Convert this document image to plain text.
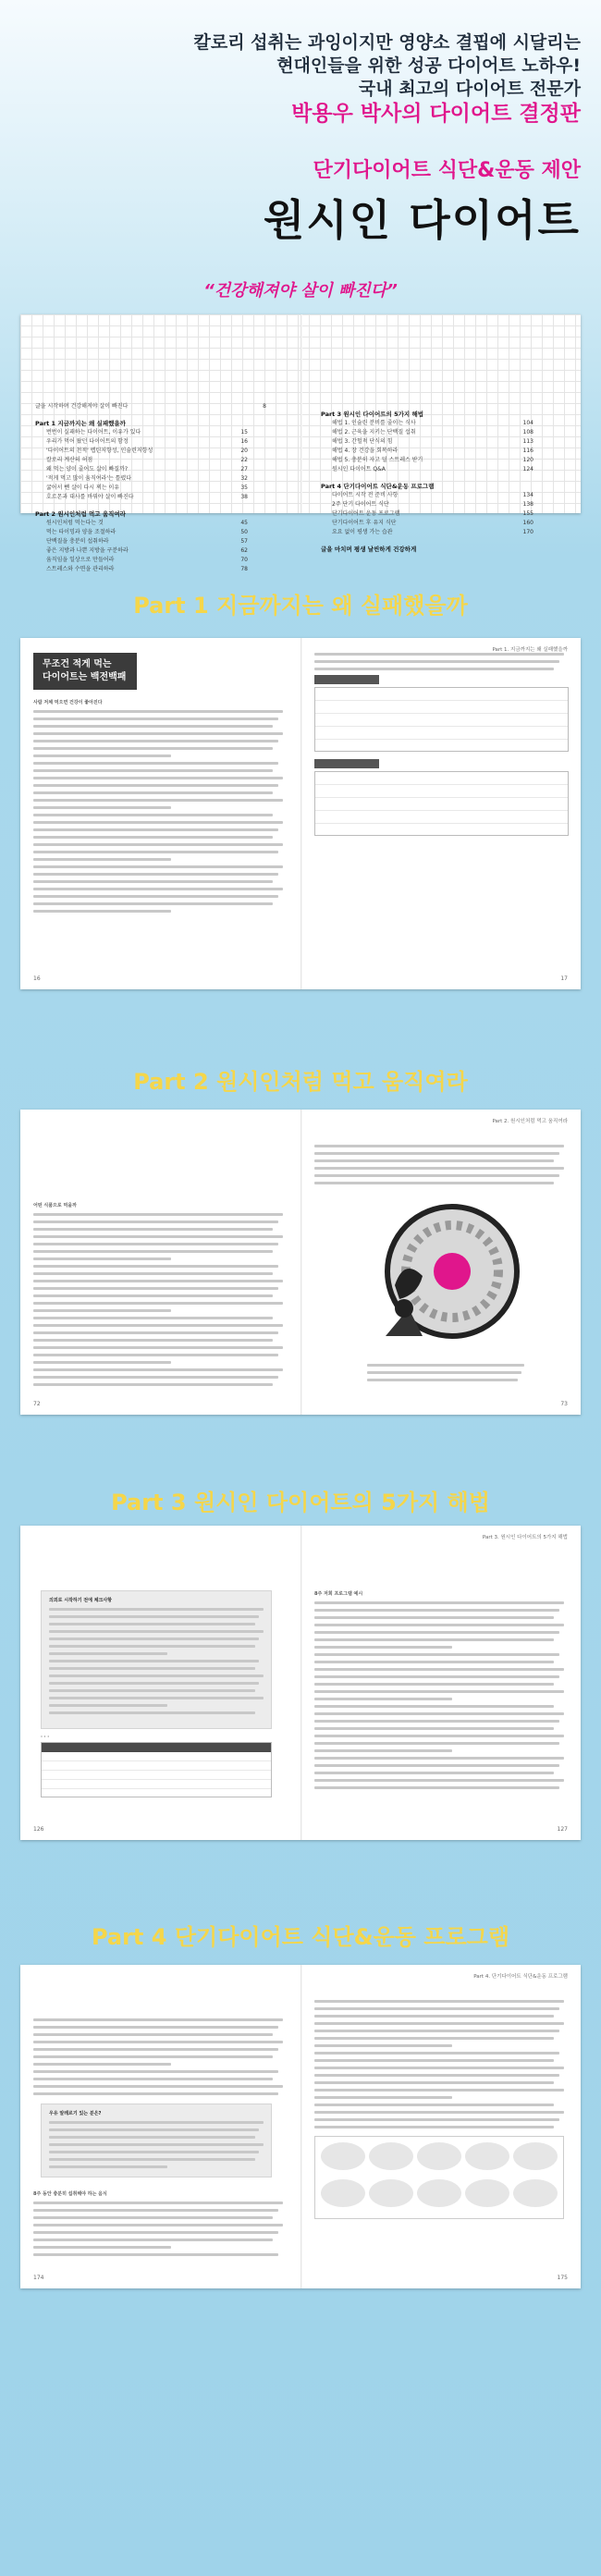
칼로리 섭취는 과잉이지만 영양소 결핍에 시달리는
현대인들을 위한 성공 다이어트 노하우!
국내 최고의 다이어트 전문가
박용우 박사의 다이어트 결정판
단기다이어트 식단&운동 제안
원시인 다이어트
“건강해져야 살이 빠진다”
글을 시작하며 건강해져야 살이 빠진다	8
Part 1 지금까지는 왜 실패했을까
번번이 실패하는 다이어트, 이유가 있다	15
우리가 먹어 왔던 다이어트의 함정	16
'다이어트의 천적' 렙틴저항성, 인슐린저항성	20
칼로리 계산의 허점	22
왜 먹는 양이 줄어도 살이 빠질까?	27
'적게 먹고 많이 움직여라'는 틀렸다	32
굶어서 뺀 살이 다시 찌는 이유	35
호르몬과 대사를 바꿔야 살이 빠진다	38
Part 2 원시인처럼 먹고 움직여라
원시인처럼 먹는다는 것	45
먹는 타이밍과 양을 조절하라	50
단백질을 충분히 섭취하라	57
좋은 지방과 나쁜 지방을 구분하라	62
움직임을 일상으로 만들어라	70
스트레스와 수면을 관리하라	78
Part 3 원시인 다이어트의 5가지 해법
해법 1. 인슐린 분비를 줄이는 식사	104
해법 2. 근육을 지키는 단백질 섭취	108
해법 3. 간헐적 단식의 힘	113
해법 4. 장 건강을 회복하라	116
해법 5. 충분히 자고 덜 스트레스 받기	120
원시인 다이어트 Q&A	124
Part 4 단기다이어트 식단&운동 프로그램
다이어트 시작 전 준비 사항	134
2주 단기 다이어트 식단	138
단기다이어트 운동 프로그램	155
단기다이어트 후 유지 식단	160
요요 없이 평생 가는 습관	170
글을 마치며 평생 날씬하게 건강하게
Part 1 지금까지는 왜 실패했을까
무조건 적게 먹는
다이어트는 백전백패
Part 1. 지금까지는 왜 실패했을까
사람 저체 먹으면 건강이 좋아진다
16	17
Part 2 원시인처럼 먹고 움직여라
Part 2. 원시인처럼 먹고 움직여라
어떤 식품으로 먹을까
72	73
Part 3 원시인 다이어트의 5가지 해법
Part 3. 원시인 다이어트의 5가지 해법
의외로 시작하기 전에 체크사항
· · ·
8주 저희 프로그램 예시
126	127
Part 4 단기다이어트 식단&운동 프로그램
Part 4. 단기다이어트 식단&운동 프로그램
우유 알레르기 있는 분은?
8주 동안 충분히 섭취해야 하는 음식
174	175
